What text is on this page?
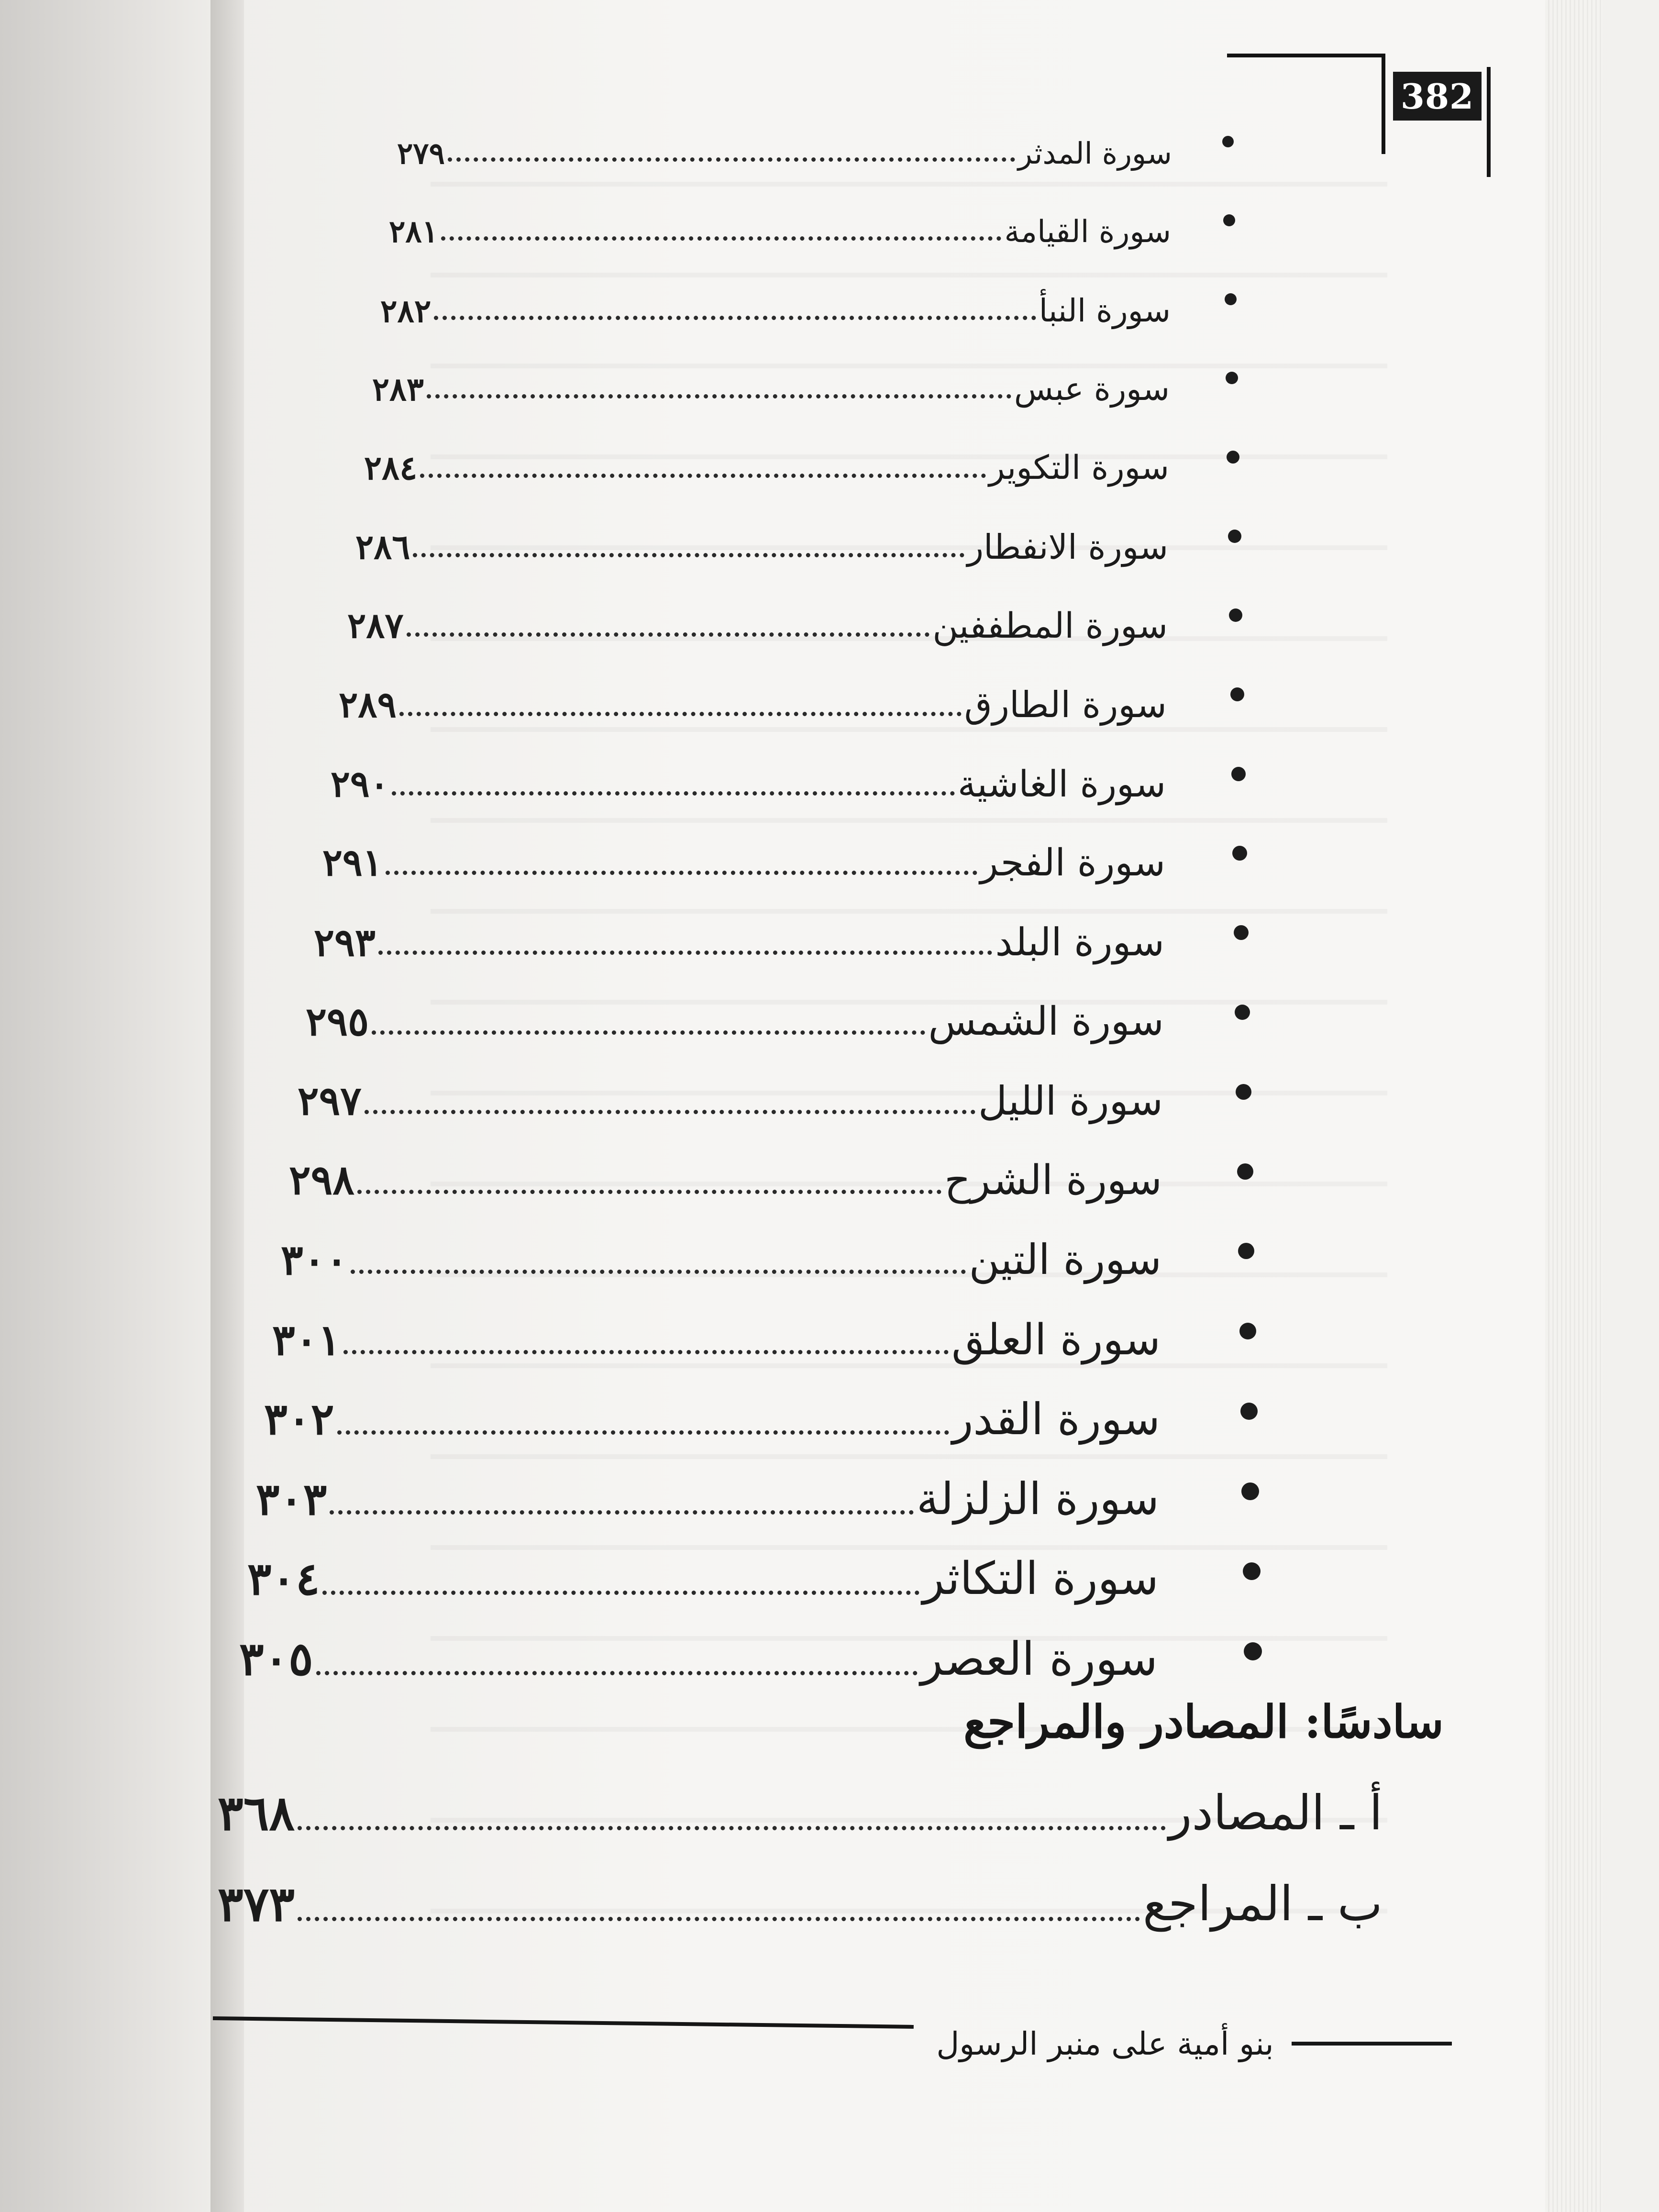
382
٢٧٩	سورة المدثر
٢٨١	سورة القيامة
٢٨٢	سورة النبأ
٢٨٣	سورة عبس
٢٨٤	سورة التكوير
٢٨٦	سورة الانفطار
٢٨٧	سورة المطففين
٢٨٩	سورة الطارق
٢٩٠	سورة الغاشية
٢٩١	سورة الفجر
٢٩٣	سورة البلد
٢٩٥	سورة الشمس
٢٩٧	سورة الليل
٢٩٨	سورة الشرح
٣٠٠	سورة التين
٣٠١	سورة العلق
٣٠٢	سورة القدر
٣٠٣	سورة الزلزلة
٣٠٤	سورة التكاثر
٣٠٥	سورة العصر
٣٦٨	أ ـ المصادر
٣٧٣	ب ـ المراجع
سادسًا: المصادر والمراجع
بنو أمية على منبر الرسول
